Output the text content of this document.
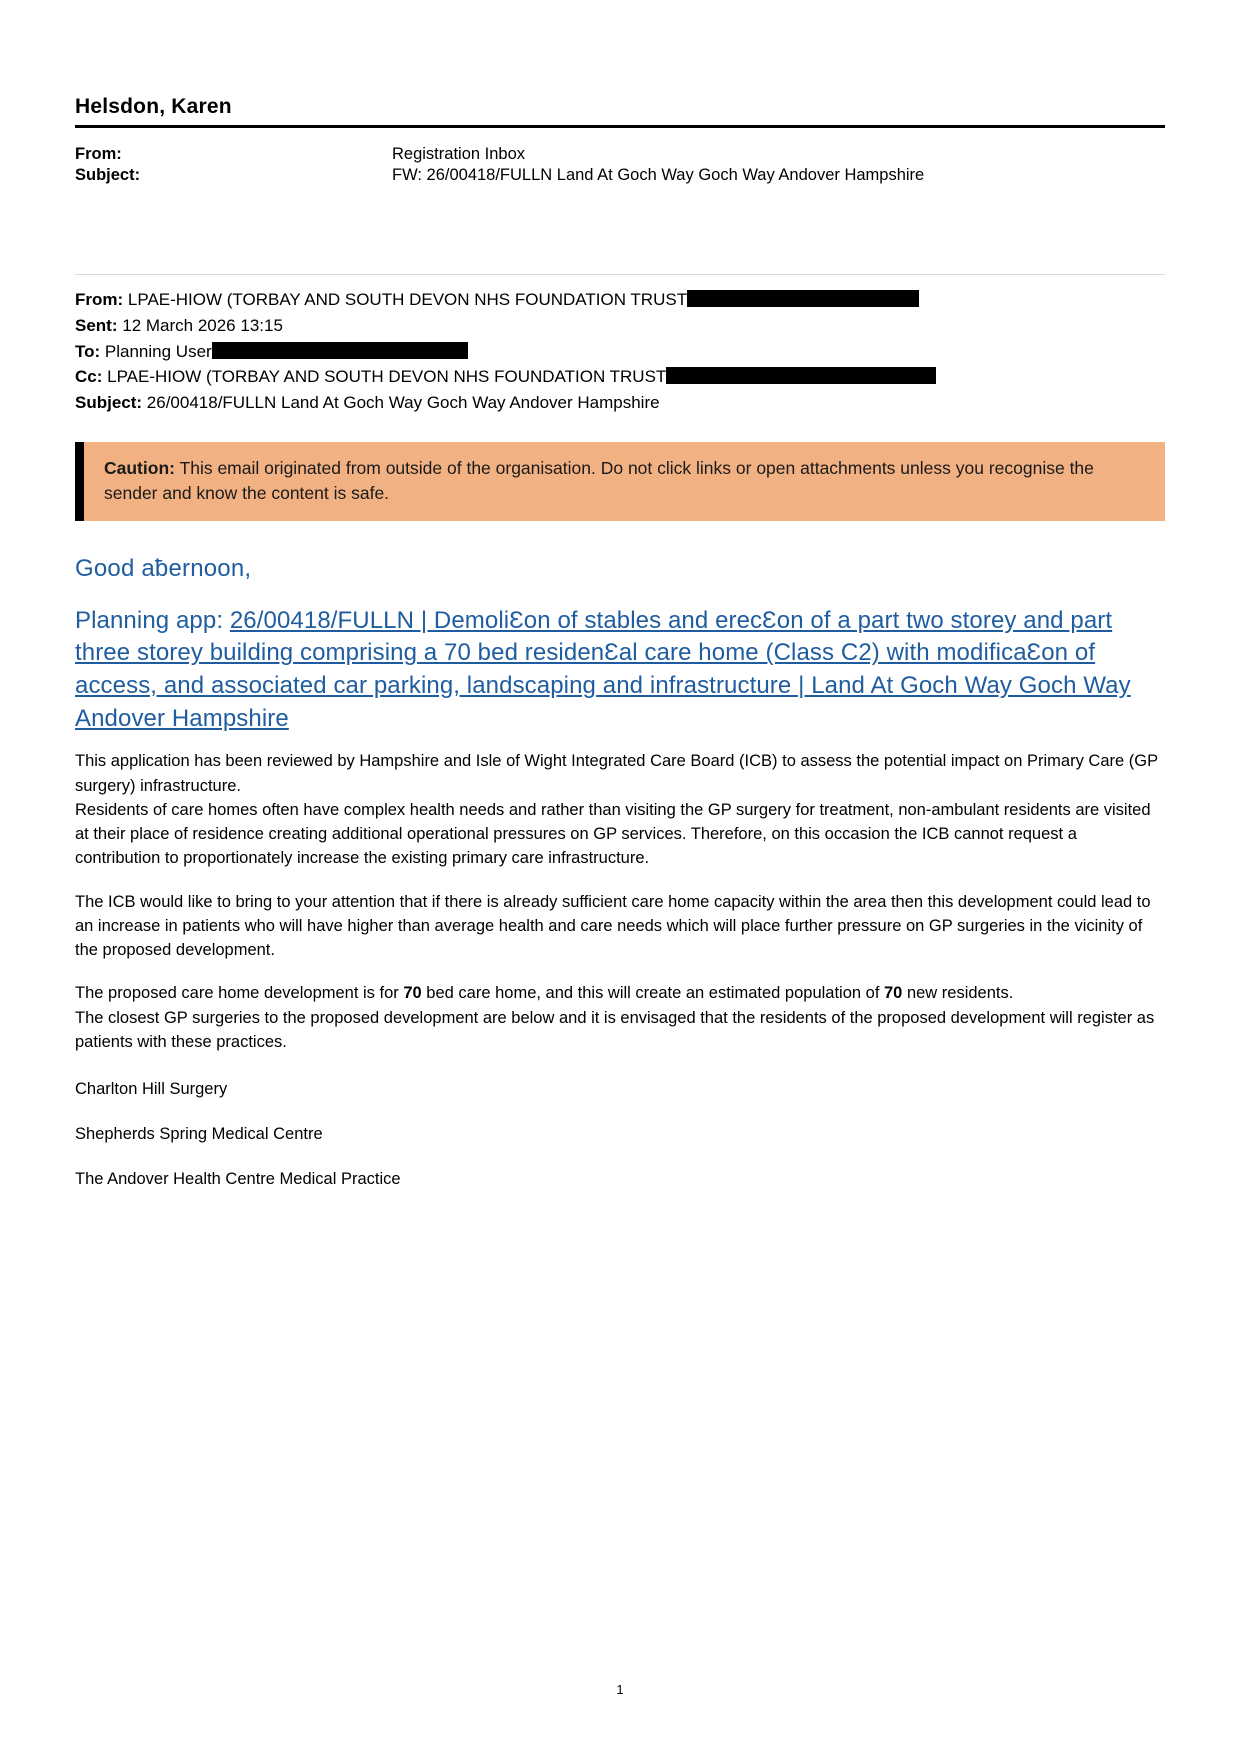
Helsdon, Karen
From:	Registration Inbox
Subject:	FW: 26/00418/FULLN Land At Goch Way Goch Way Andover Hampshire
From: LPAE-HIOW (TORBAY AND SOUTH DEVON NHS FOUNDATION TRUST
Sent: 12 March 2026 13:15
To: Planning User
Cc: LPAE-HIOW (TORBAY AND SOUTH DEVON NHS FOUNDATION TRUST
Subject: 26/00418/FULLN Land At Goch Way Goch Way Andover Hampshire
Caution: This email originated from outside of the organisation. Do not click links or open attachments unless you recognise the sender and know the content is safe.
Good aƀernoon,
Planning app: 26/00418/FULLN | DemoliƐon of stables and erecƐon of a part two storey and part three storey building comprising a 70 bed residenƐal care home (Class C2) with modificaƐon of access, and associated car parking, landscaping and infrastructure | Land At Goch Way Goch Way Andover Hampshire

This application has been reviewed by Hampshire and Isle of Wight Integrated Care Board (ICB) to assess the potential impact on Primary Care (GP surgery) infrastructure.

Residents of care homes often have complex health needs and rather than visiting the GP surgery for treatment, non-ambulant residents are visited at their place of residence creating additional operational pressures on GP services. Therefore, on this occasion the ICB cannot request a contribution to proportionately increase the existing primary care infrastructure.

The ICB would like to bring to your attention that if there is already sufficient care home capacity within the area then this development could lead to an increase in patients who will have higher than average health and care needs which will place further pressure on GP surgeries in the vicinity of the proposed development.

The proposed care home development is for 70 bed care home, and this will create an estimated population of 70 new residents.

The closest GP surgeries to the proposed development are below and it is envisaged that the residents of the proposed development will register as patients with these practices.

Charlton Hill Surgery
Shepherds Spring Medical Centre
The Andover Health Centre Medical Practice
1
